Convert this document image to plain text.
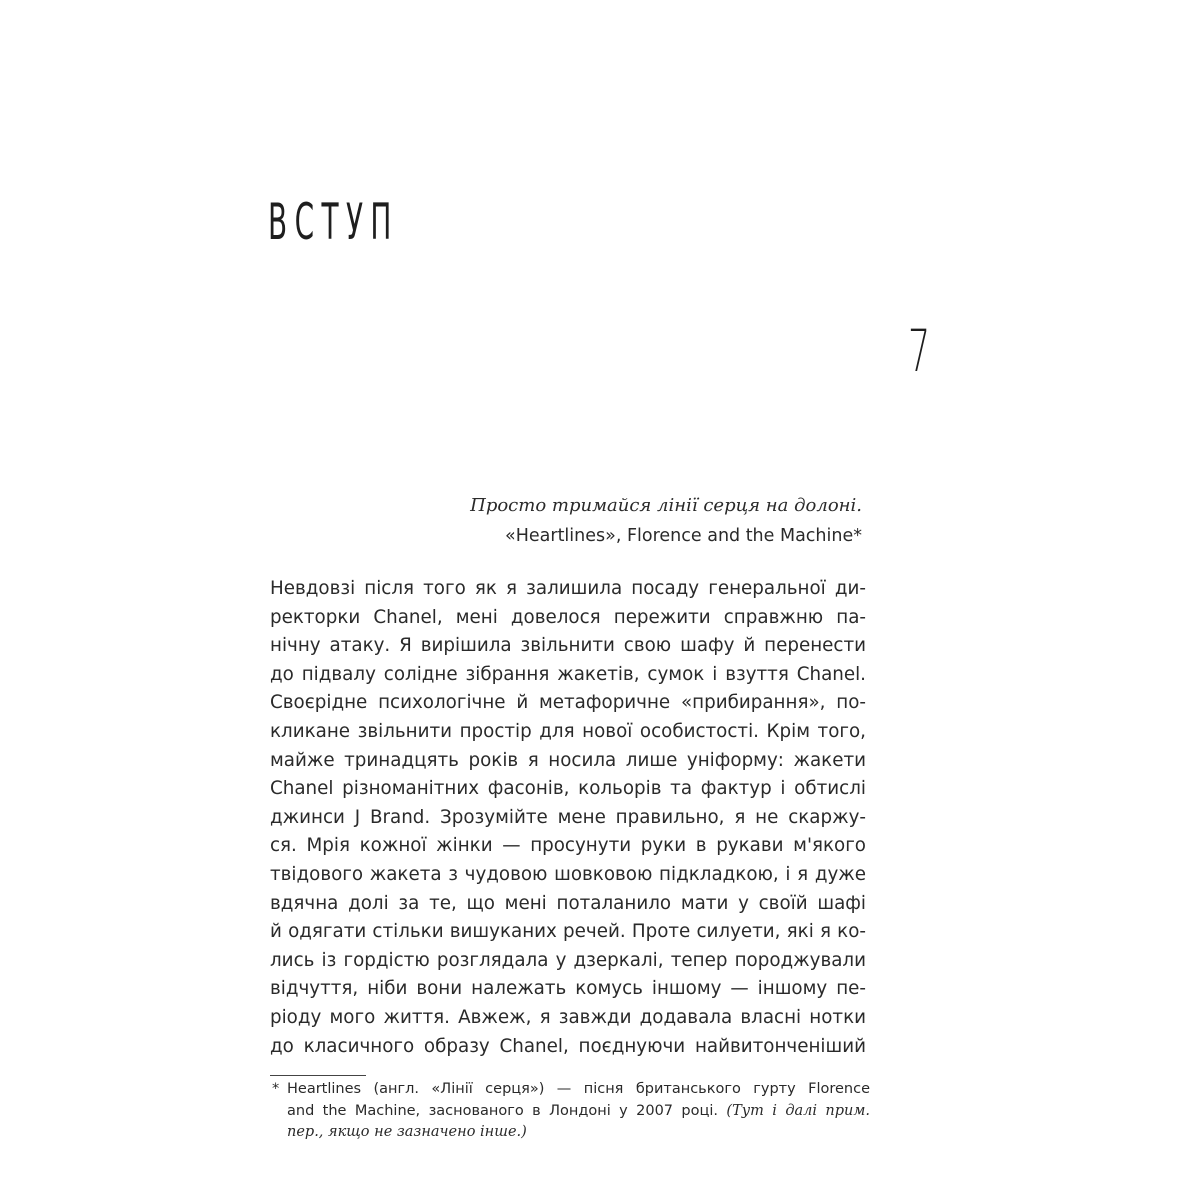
ВСТУП
7
Просто тримайся лінії серця на долоні.
«Heartlines», Florence and the Machine*
Невдовзі після того як я залишила посаду генеральної ди-
ректорки Chanel, мені довелося пережити справжню па-
нічну атаку. Я вирішила звільнити свою шафу й перенести
до підвалу солідне зібрання жакетів, сумок і взуття Chanel.
Своєрідне психологічне й метафоричне «прибирання», по-
кликане звільнити простір для нової особистості. Крім того,
майже тринадцять років я носила лише уніформу: жакети
Chanel різноманітних фасонів, кольорів та фактур і обтислі
джинси J Brand. Зрозумійте мене правильно, я не скаржу-
ся. Мрія кожної жінки — просунути руки в рукави м'якого
твідового жакета з чудовою шовковою підкладкою, і я дуже
вдячна долі за те, що мені поталанило мати у своїй шафі
й одягати стільки вишуканих речей. Проте силуети, які я ко-
лись із гордістю розглядала у дзеркалі, тепер породжували
відчуття, ніби вони належать комусь іншому — іншому пе-
ріоду мого життя. Авжеж, я завжди додавала власні нотки
до класичного образу Chanel, поєднуючи найвитонченіший
* Heartlines (англ. «Лінії серця») — пісня британського гурту Florence
and the Machine, заснованого в Лондоні у 2007 році. (Тут і далі прим.
пер., якщо не зазначено інше.)
